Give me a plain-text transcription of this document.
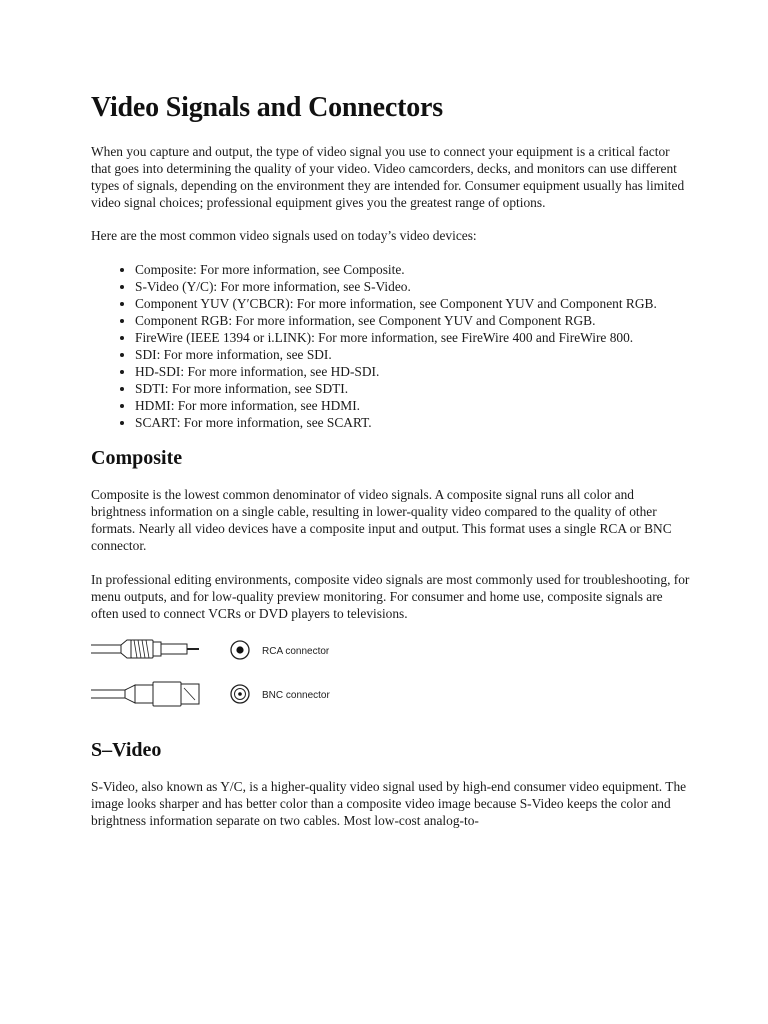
Video Signals and Connectors

When you capture and output, the type of video signal you use to connect your equipment is a critical factor that goes into determining the quality of your video. Video camcorders, decks, and monitors can use different types of signals, depending on the environment they are intended for. Consumer equipment usually has limited video signal choices; professional equipment gives you the greatest range of options.

Here are the most common video signals used on today’s video devices:

• Composite: For more information, see Composite.
• S-Video (Y/C): For more information, see S-Video.
• Component YUV (Y′CBCR): For more information, see Component YUV and Component RGB.
• Component RGB: For more information, see Component YUV and Component RGB.
• FireWire (IEEE 1394 or i.LINK): For more information, see FireWire 400 and FireWire 800.
• SDI: For more information, see SDI.
• HD-SDI: For more information, see HD-SDI.
• SDTI: For more information, see SDTI.
• HDMI: For more information, see HDMI.
• SCART: For more information, see SCART.
Composite

Composite is the lowest common denominator of video signals. A composite signal runs all color and brightness information on a single cable, resulting in lower-quality video compared to the quality of other formats. Nearly all video devices have a composite input and output. This format uses a single RCA or BNC connector.

In professional editing environments, composite video signals are most commonly used for troubleshooting, for menu outputs, and for low-quality preview monitoring. For consumer and home use, composite signals are often used to connect VCRs or DVD players to televisions.

RCA connector
BNC connector
S–Video

S-Video, also known as Y/C, is a higher-quality video signal used by high-end consumer video equipment. The image looks sharper and has better color than a composite video image because S-Video keeps the color and brightness information separate on two cables. Most low-cost analog-to-
